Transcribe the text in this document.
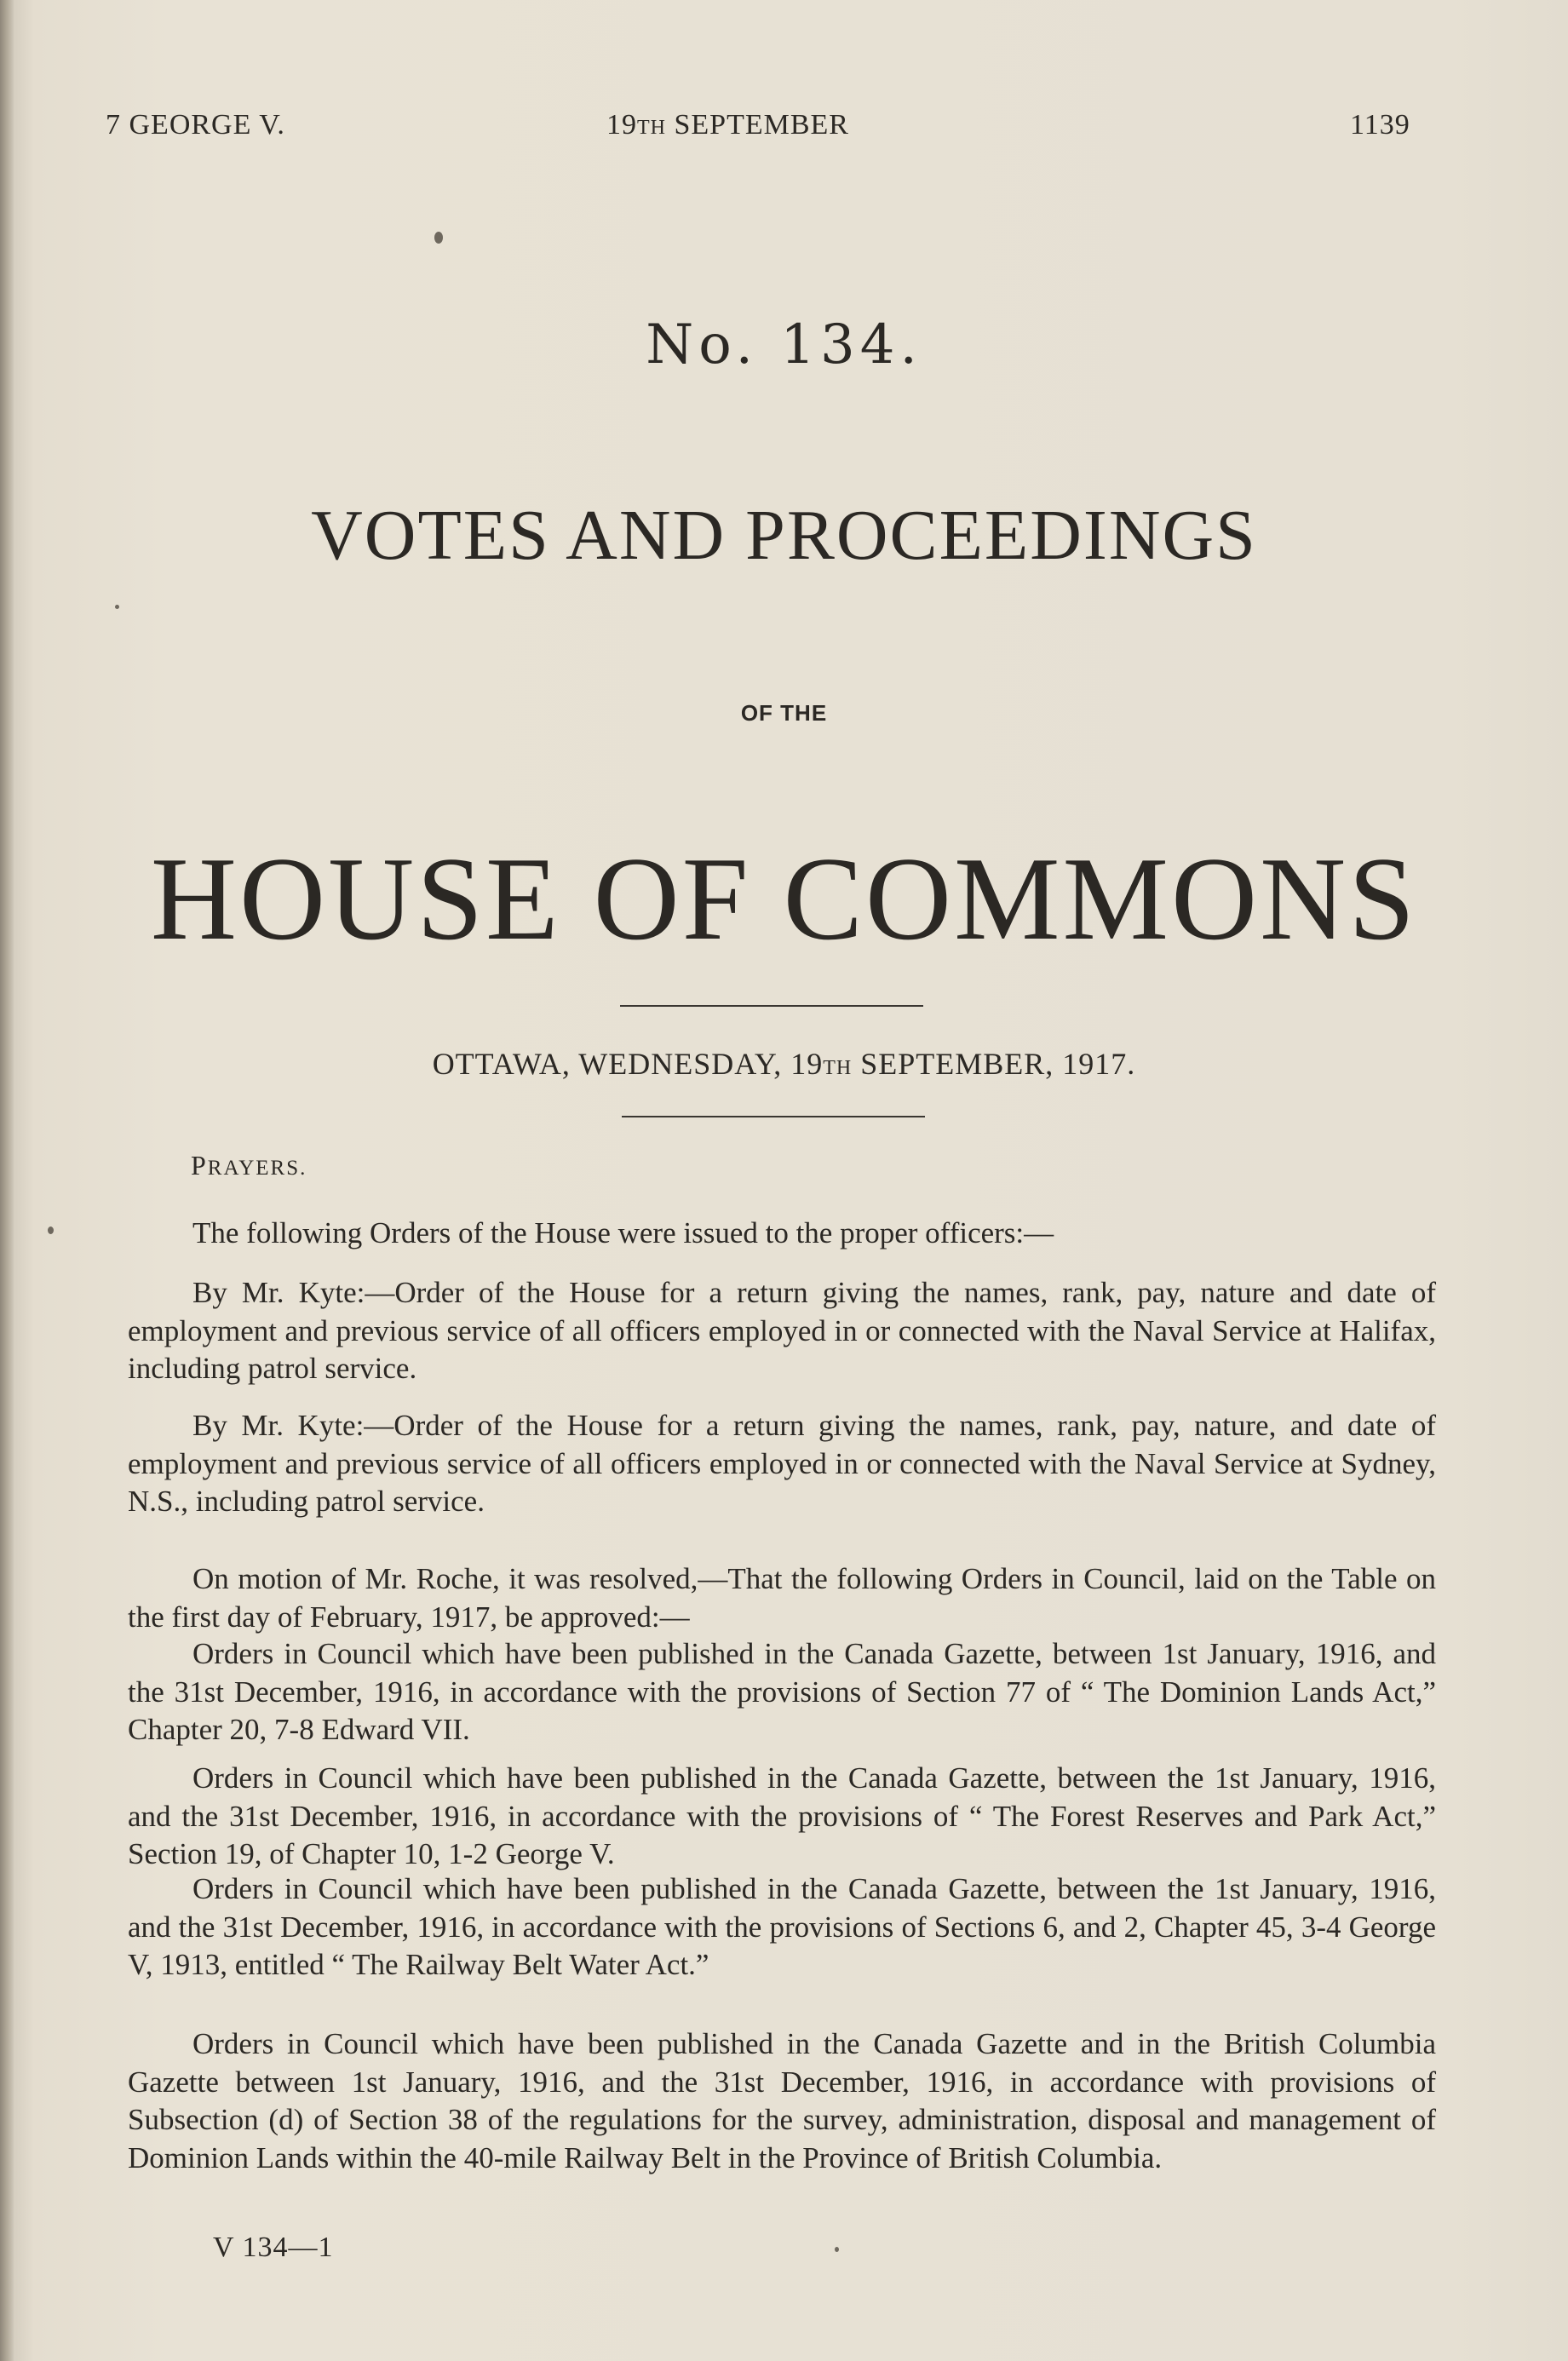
7 GEORGE V.	19TH SEPTEMBER	1139
No. 134.
VOTES AND PROCEEDINGS
OF THE
HOUSE OF COMMONS
OTTAWA, WEDNESDAY, 19TH SEPTEMBER, 1917.
PRAYERS.
The following Orders of the House were issued to the proper officers:—
By Mr. Kyte:—Order of the House for a return giving the names, rank, pay, nature and date of employment and previous service of all officers employed in or connected with the Naval Service at Halifax, including patrol service.
By Mr. Kyte:—Order of the House for a return giving the names, rank, pay, nature, and date of employment and previous service of all officers employed in or connected with the Naval Service at Sydney, N.S., including patrol service.
On motion of Mr. Roche, it was resolved,—That the following Orders in Council, laid on the Table on the first day of February, 1917, be approved:—
Orders in Council which have been published in the Canada Gazette, between 1st January, 1916, and the 31st December, 1916, in accordance with the provisions of Section 77 of “ The Dominion Lands Act,” Chapter 20, 7-8 Edward VII.
Orders in Council which have been published in the Canada Gazette, between the 1st January, 1916, and the 31st December, 1916, in accordance with the provisions of “ The Forest Reserves and Park Act,” Section 19, of Chapter 10, 1-2 George V.
Orders in Council which have been published in the Canada Gazette, between the 1st January, 1916, and the 31st December, 1916, in accordance with the provisions of Sections 6, and 2, Chapter 45, 3-4 George V, 1913, entitled “ The Railway Belt Water Act.”
Orders in Council which have been published in the Canada Gazette and in the British Columbia Gazette between 1st January, 1916, and the 31st December, 1916, in accordance with provisions of Subsection (d) of Section 38 of the regulations for the survey, administration, disposal and management of Dominion Lands within the 40-mile Railway Belt in the Province of British Columbia.
V 134—1
